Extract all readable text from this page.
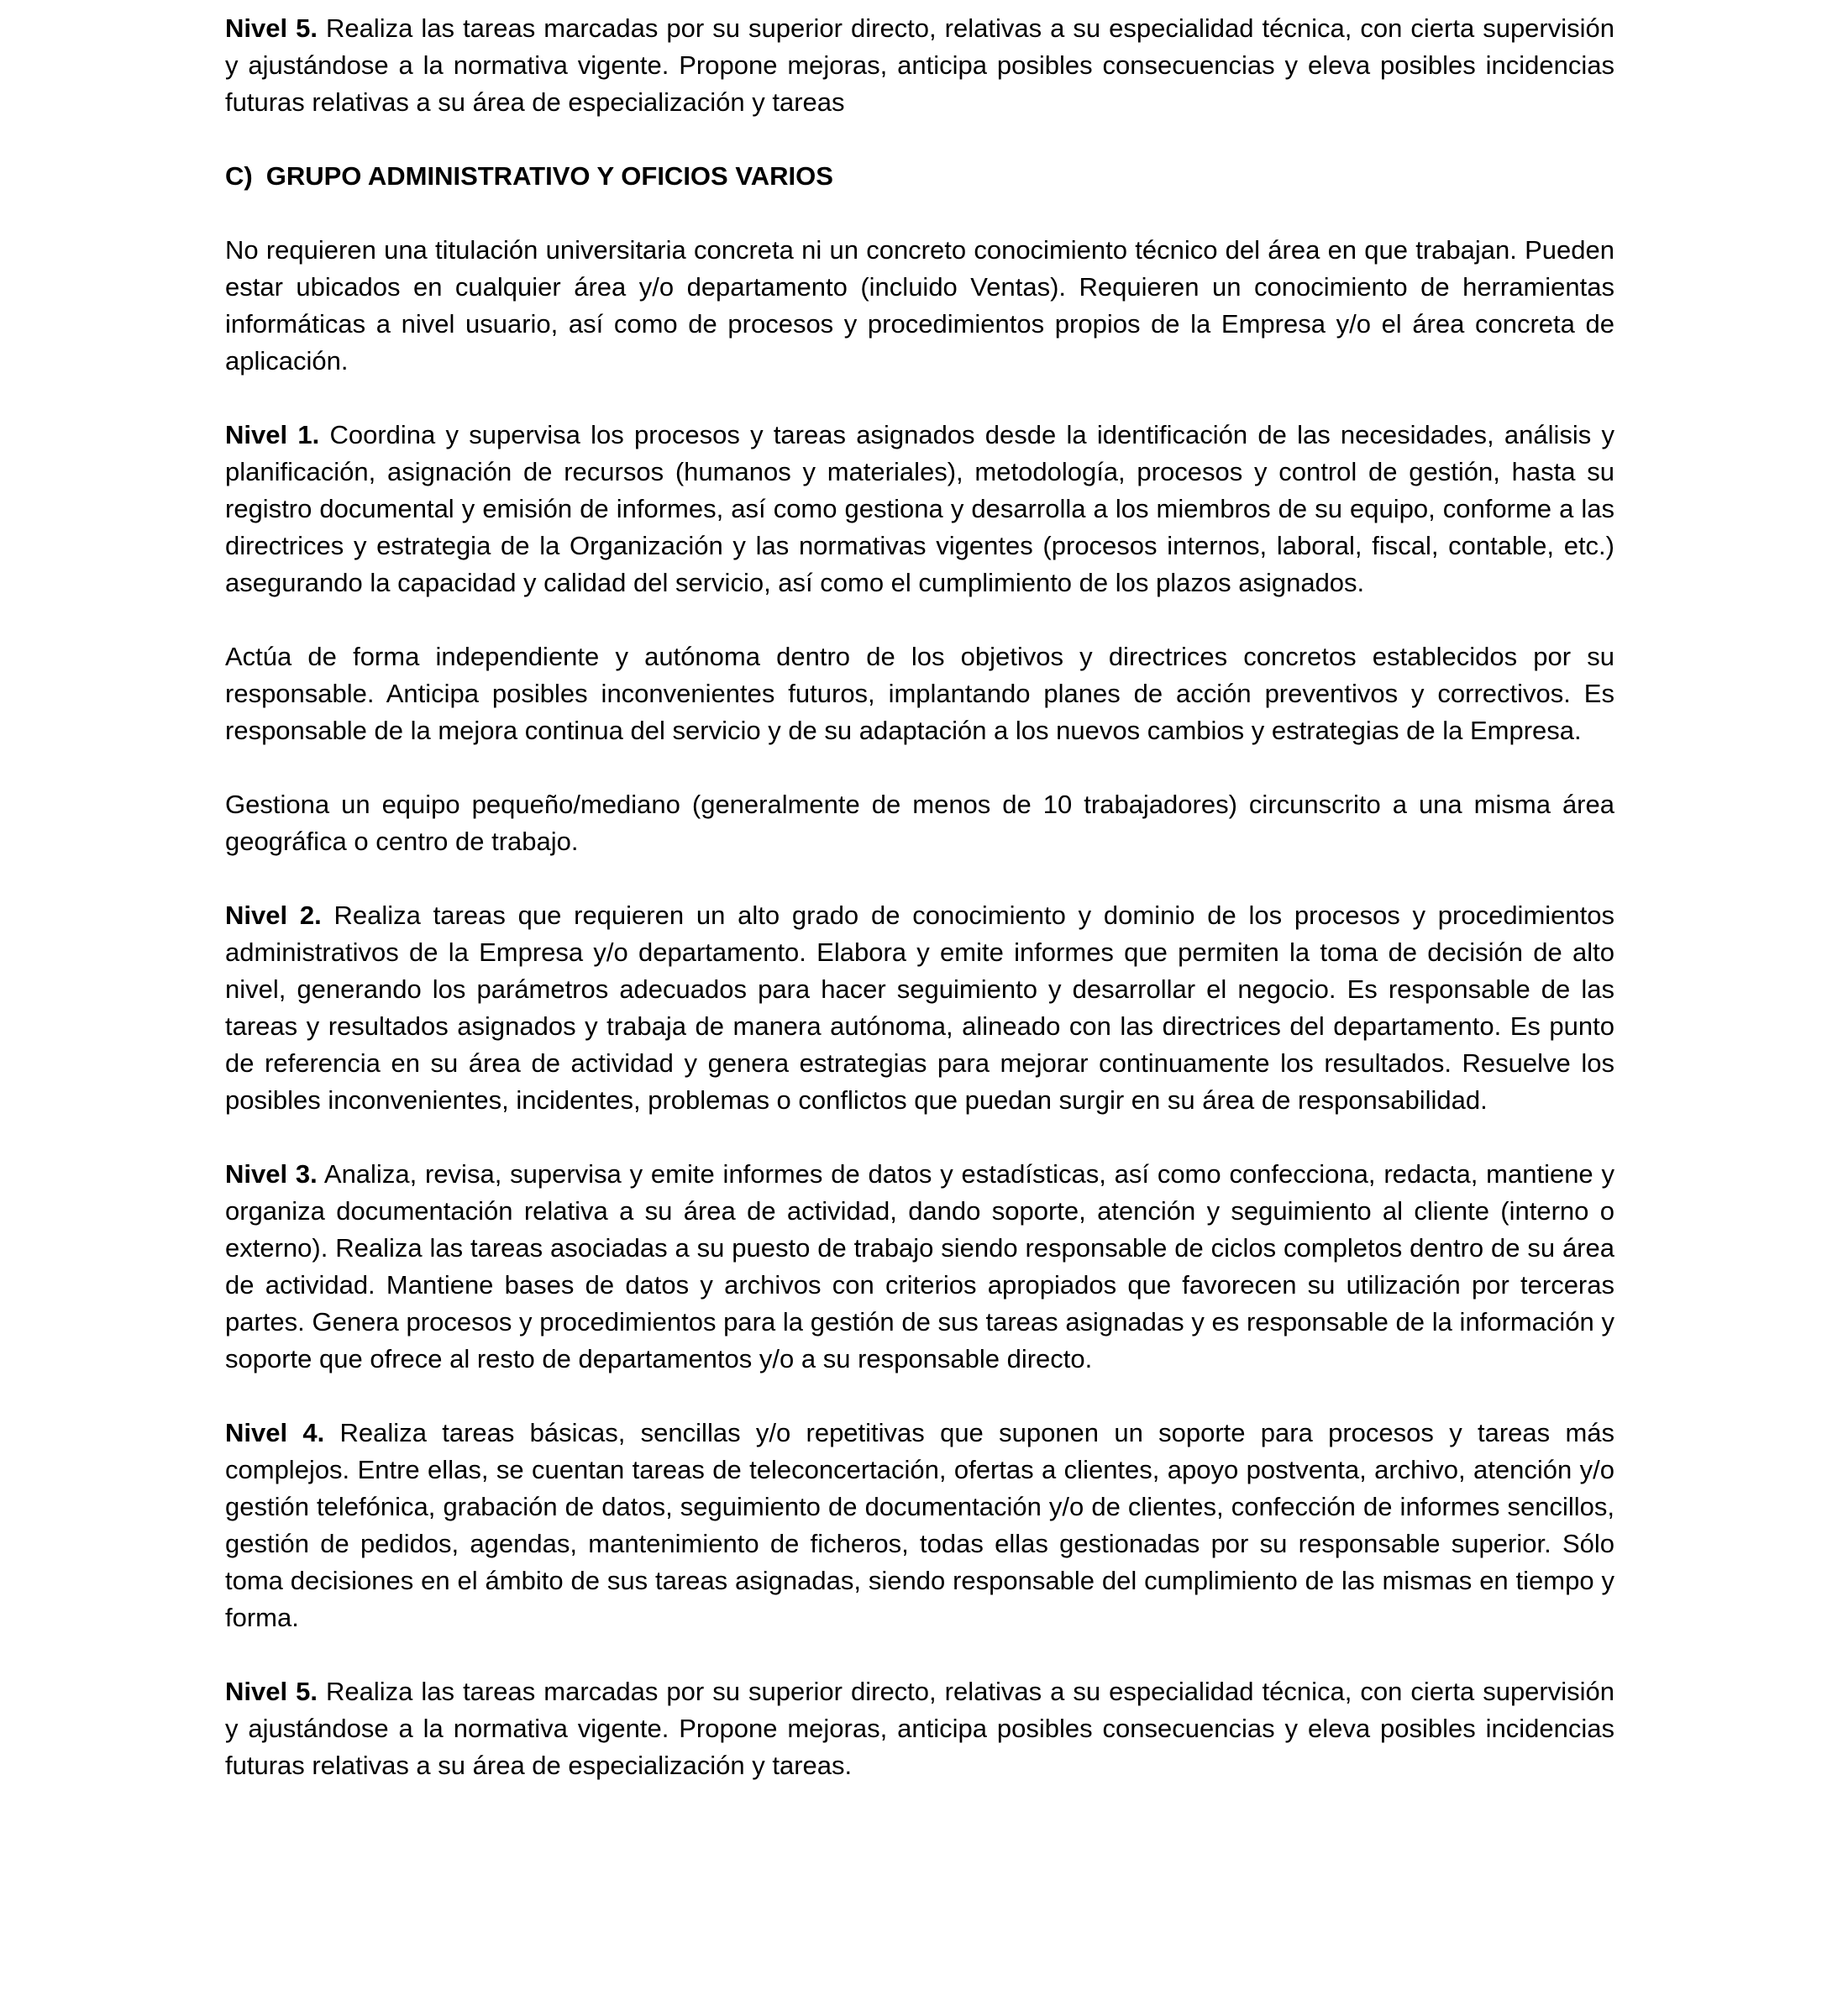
Nivel 5. Realiza las tareas marcadas por su superior directo, relativas a su especialidad técnica, con cierta supervisión y ajustándose a la normativa vigente. Propone mejoras, anticipa posibles consecuencias y eleva posibles incidencias futuras relativas a su área de especialización y tareas

C) GRUPO ADMINISTRATIVO Y OFICIOS VARIOS

No requieren una titulación universitaria concreta ni un concreto conocimiento técnico del área en que trabajan. Pueden estar ubicados en cualquier área y/o departamento (incluido Ventas). Requieren un conocimiento de herramientas informáticas a nivel usuario, así como de procesos y procedimientos propios de la Empresa y/o el área concreta de aplicación.

Nivel 1. Coordina y supervisa los procesos y tareas asignados desde la identificación de las necesidades, análisis y planificación, asignación de recursos (humanos y materiales), metodología, procesos y control de gestión, hasta su registro documental y emisión de informes, así como gestiona y desarrolla a los miembros de su equipo, conforme a las directrices y estrategia de la Organización y las normativas vigentes (procesos internos, laboral, fiscal, contable, etc.) asegurando la capacidad y calidad del servicio, así como el cumplimiento de los plazos asignados.

Actúa de forma independiente y autónoma dentro de los objetivos y directrices concretos establecidos por su responsable. Anticipa posibles inconvenientes futuros, implantando planes de acción preventivos y correctivos. Es responsable de la mejora continua del servicio y de su adaptación a los nuevos cambios y estrategias de la Empresa.

Gestiona un equipo pequeño/mediano (generalmente de menos de 10 trabajadores) circunscrito a una misma área geográfica o centro de trabajo.

Nivel 2. Realiza tareas que requieren un alto grado de conocimiento y dominio de los procesos y procedimientos administrativos de la Empresa y/o departamento. Elabora y emite informes que permiten la toma de decisión de alto nivel, generando los parámetros adecuados para hacer seguimiento y desarrollar el negocio. Es responsable de las tareas y resultados asignados y trabaja de manera autónoma, alineado con las directrices del departamento. Es punto de referencia en su área de actividad y genera estrategias para mejorar continuamente los resultados. Resuelve los posibles inconvenientes, incidentes, problemas o conflictos que puedan surgir en su área de responsabilidad.

Nivel 3. Analiza, revisa, supervisa y emite informes de datos y estadísticas, así como confecciona, redacta, mantiene y organiza documentación relativa a su área de actividad, dando soporte, atención y seguimiento al cliente (interno o externo). Realiza las tareas asociadas a su puesto de trabajo siendo responsable de ciclos completos dentro de su área de actividad. Mantiene bases de datos y archivos con criterios apropiados que favorecen su utilización por terceras partes. Genera procesos y procedimientos para la gestión de sus tareas asignadas y es responsable de la información y soporte que ofrece al resto de departamentos y/o a su responsable directo.

Nivel 4. Realiza tareas básicas, sencillas y/o repetitivas que suponen un soporte para procesos y tareas más complejos. Entre ellas, se cuentan tareas de teleconcertación, ofertas a clientes, apoyo postventa, archivo, atención y/o gestión telefónica, grabación de datos, seguimiento de documentación y/o de clientes, confección de informes sencillos, gestión de pedidos, agendas, mantenimiento de ficheros, todas ellas gestionadas por su responsable superior. Sólo toma decisiones en el ámbito de sus tareas asignadas, siendo responsable del cumplimiento de las mismas en tiempo y forma.

Nivel 5. Realiza las tareas marcadas por su superior directo, relativas a su especialidad técnica, con cierta supervisión y ajustándose a la normativa vigente. Propone mejoras, anticipa posibles consecuencias y eleva posibles incidencias futuras relativas a su área de especialización y tareas.
